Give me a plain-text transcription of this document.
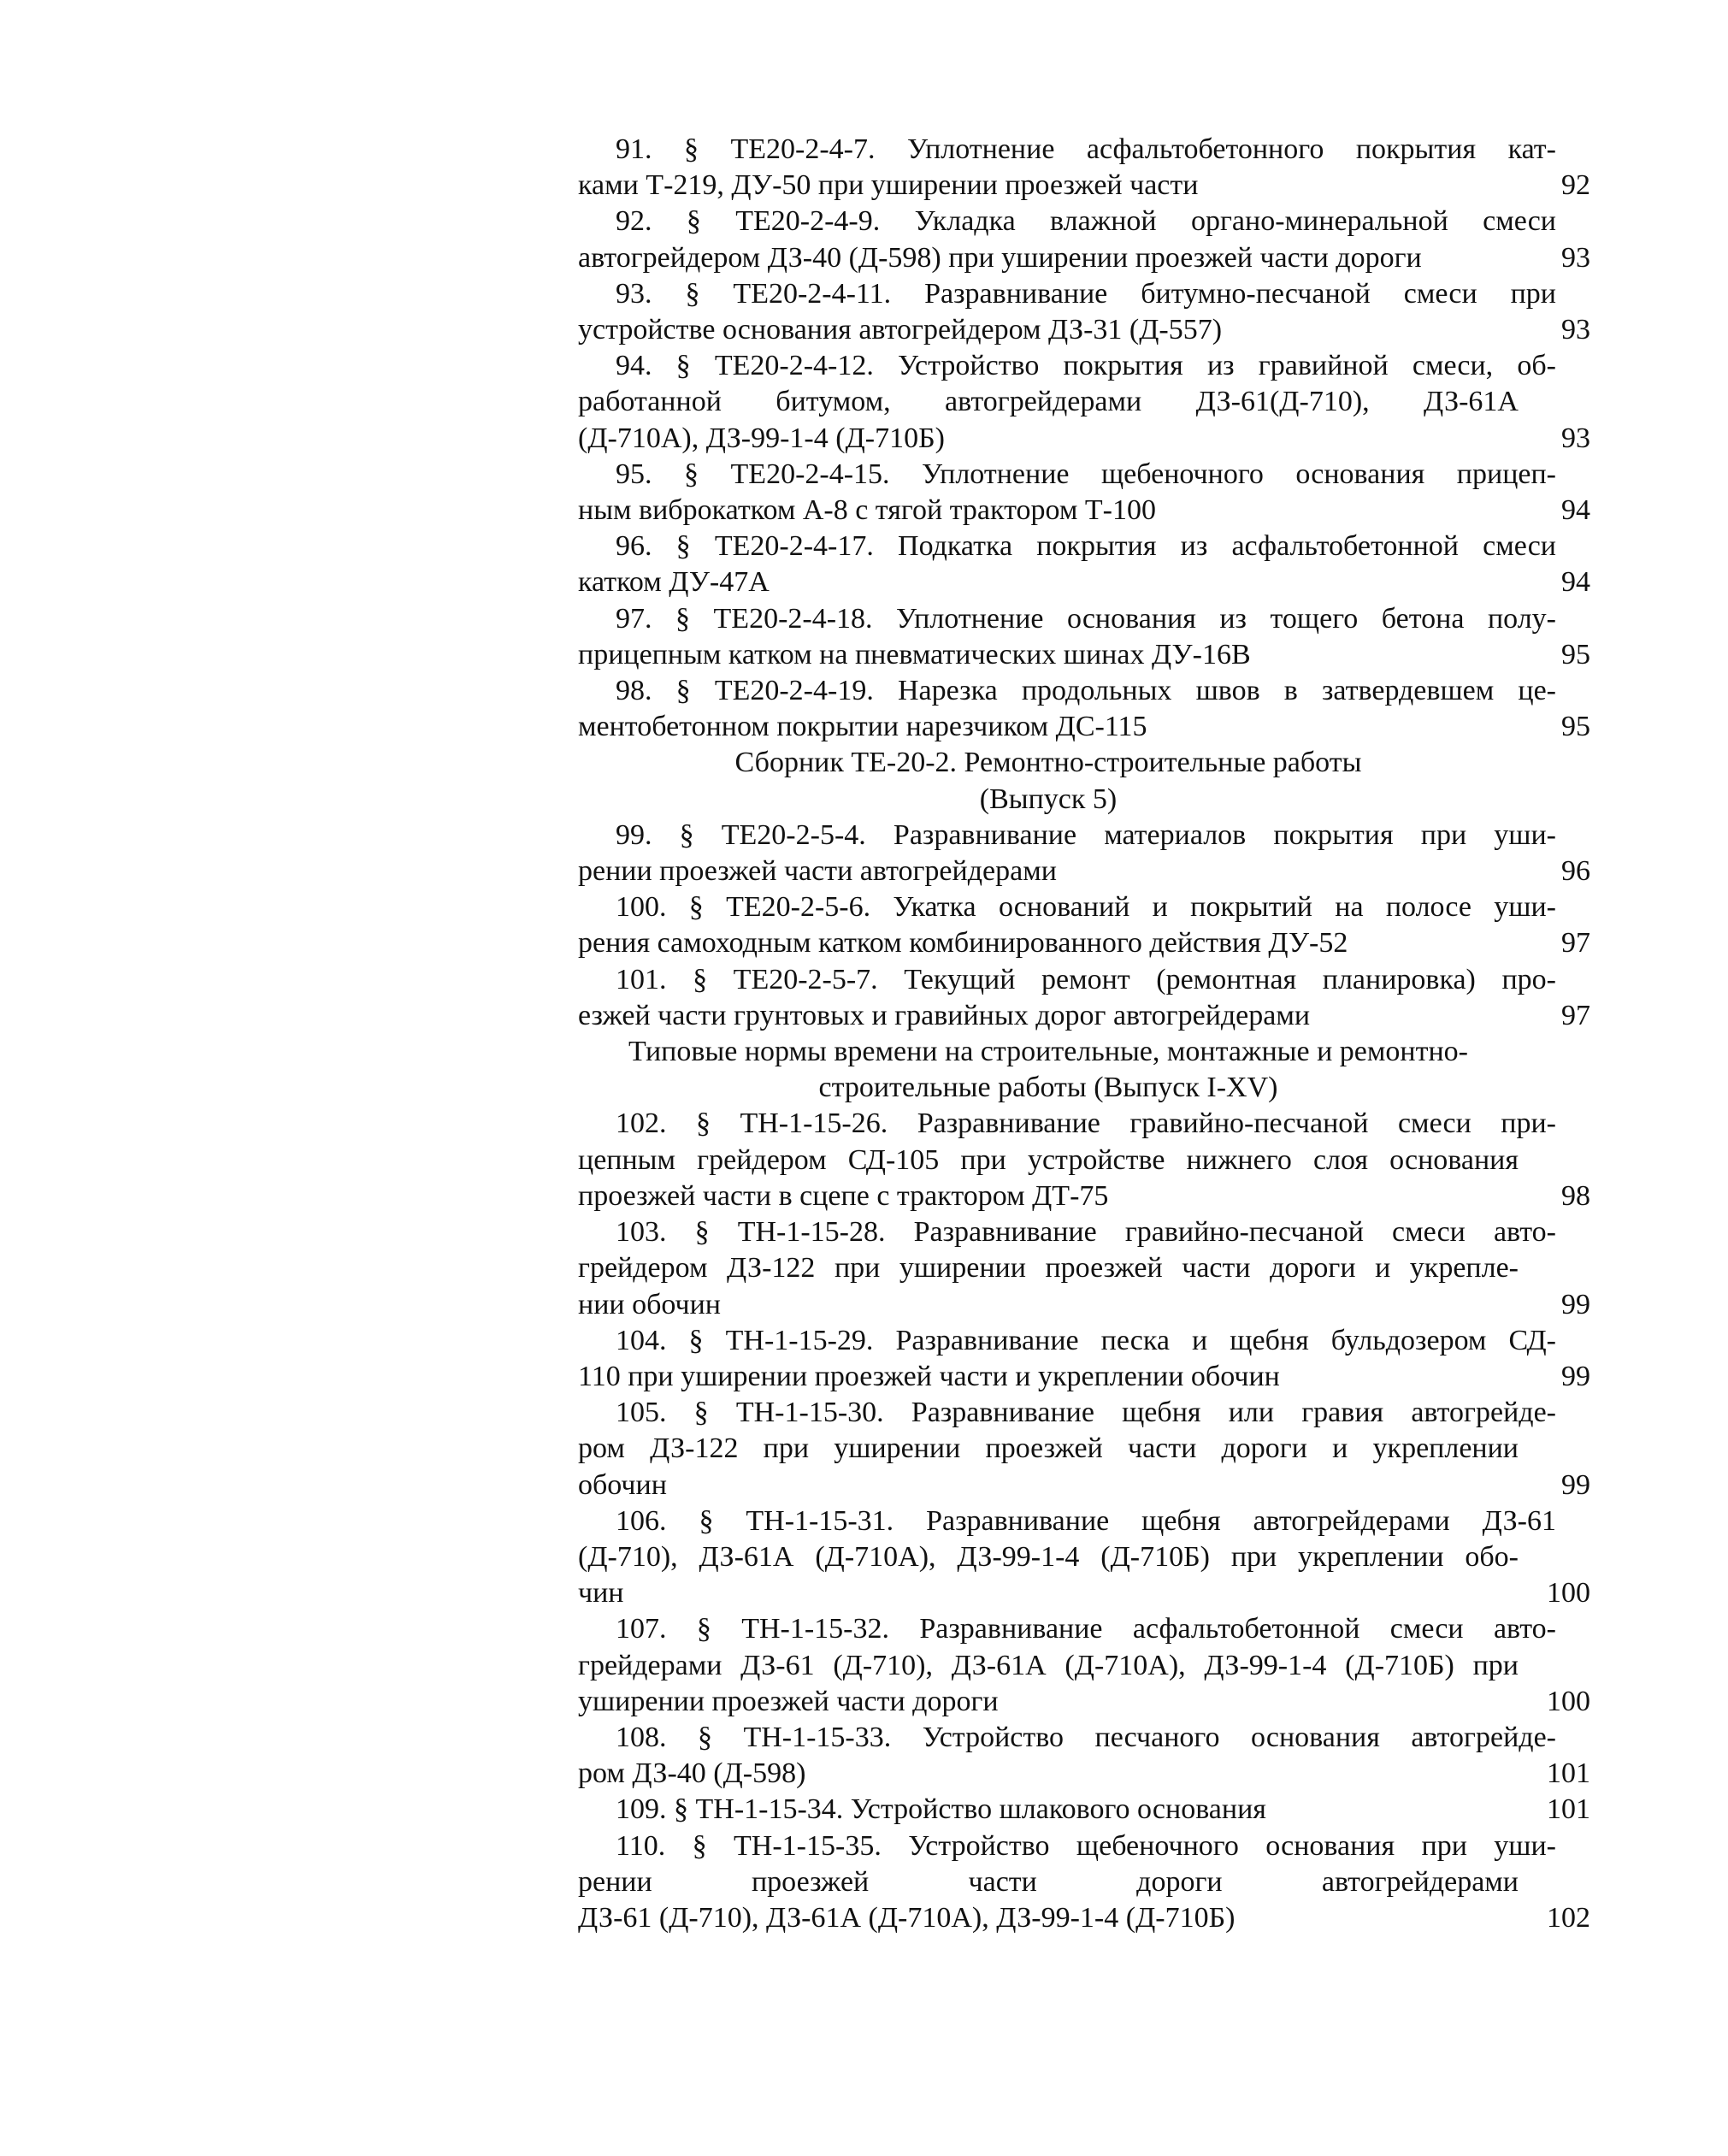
91. § ТЕ20-2-4-7. Уплотнение асфальтобетонного покрытия кат-
ками Т-219, ДУ-50 при уширении проезжей части	92
92. § ТЕ20-2-4-9. Укладка влажной органо-минеральной смеси
автогрейдером ДЗ-40 (Д-598) при уширении проезжей части дороги	93
93. § ТЕ20-2-4-11. Разравнивание битумно-песчаной смеси при
устройстве основания автогрейдером ДЗ-31 (Д-557)	93
94. § ТЕ20-2-4-12. Устройство покрытия из гравийной смеси, об-
работанной битумом, автогрейдерами ДЗ-61(Д-710), ДЗ-61А
(Д-710А), ДЗ-99-1-4 (Д-710Б)	93
95. § ТЕ20-2-4-15. Уплотнение щебеночного основания прицеп-
ным виброкатком А-8 с тягой трактором Т-100	94
96. § ТЕ20-2-4-17. Подкатка покрытия из асфальтобетонной смеси
катком ДУ-47А	94
97. § ТЕ20-2-4-18. Уплотнение основания из тощего бетона полу-
прицепным катком на пневматических шинах ДУ-16В	95
98. § ТЕ20-2-4-19. Нарезка продольных швов в затвердевшем це-
ментобетонном покрытии нарезчиком ДС-115	95
Сборник ТЕ-20-2. Ремонтно-строительные работы
(Выпуск 5)
99. § ТЕ20-2-5-4. Разравнивание материалов покрытия при уши-
рении проезжей части автогрейдерами	96
100. § ТЕ20-2-5-6. Укатка оснований и покрытий на полосе уши-
рения самоходным катком комбинированного действия ДУ-52	97
101. § ТЕ20-2-5-7. Текущий ремонт (ремонтная планировка) про-
езжей части грунтовых и гравийных дорог автогрейдерами	97
Типовые нормы времени на строительные, монтажные и ремонтно-
строительные работы (Выпуск I-XV)
102. § ТН-1-15-26. Разравнивание гравийно-песчаной смеси при-
цепным грейдером СД-105 при устройстве нижнего слоя основания
проезжей части в сцепе с трактором ДТ-75	98
103. § ТН-1-15-28. Разравнивание гравийно-песчаной смеси авто-
грейдером ДЗ-122 при уширении проезжей части дороги и укрепле-
нии обочин	99
104. § ТН-1-15-29. Разравнивание песка и щебня бульдозером СД-
110 при уширении проезжей части и укреплении обочин	99
105. § ТН-1-15-30. Разравнивание щебня или гравия автогрейде-
ром ДЗ-122 при уширении проезжей части дороги и укреплении
обочин	99
106. § ТН-1-15-31. Разравнивание щебня автогрейдерами ДЗ-61
(Д-710), ДЗ-61А (Д-710А), ДЗ-99-1-4 (Д-710Б) при укреплении обо-
чин	100
107. § ТН-1-15-32. Разравнивание асфальтобетонной смеси авто-
грейдерами ДЗ-61 (Д-710), ДЗ-61А (Д-710А), ДЗ-99-1-4 (Д-710Б) при
уширении проезжей части дороги	100
108. § ТН-1-15-33. Устройство песчаного основания автогрейде-
ром ДЗ-40 (Д-598)	101
109. § ТН-1-15-34. Устройство шлакового основания	101
110. § ТН-1-15-35. Устройство щебеночного основания при уши-
рении проезжей части дороги автогрейдерами
ДЗ-61 (Д-710), ДЗ-61А (Д-710А), ДЗ-99-1-4 (Д-710Б)	102
